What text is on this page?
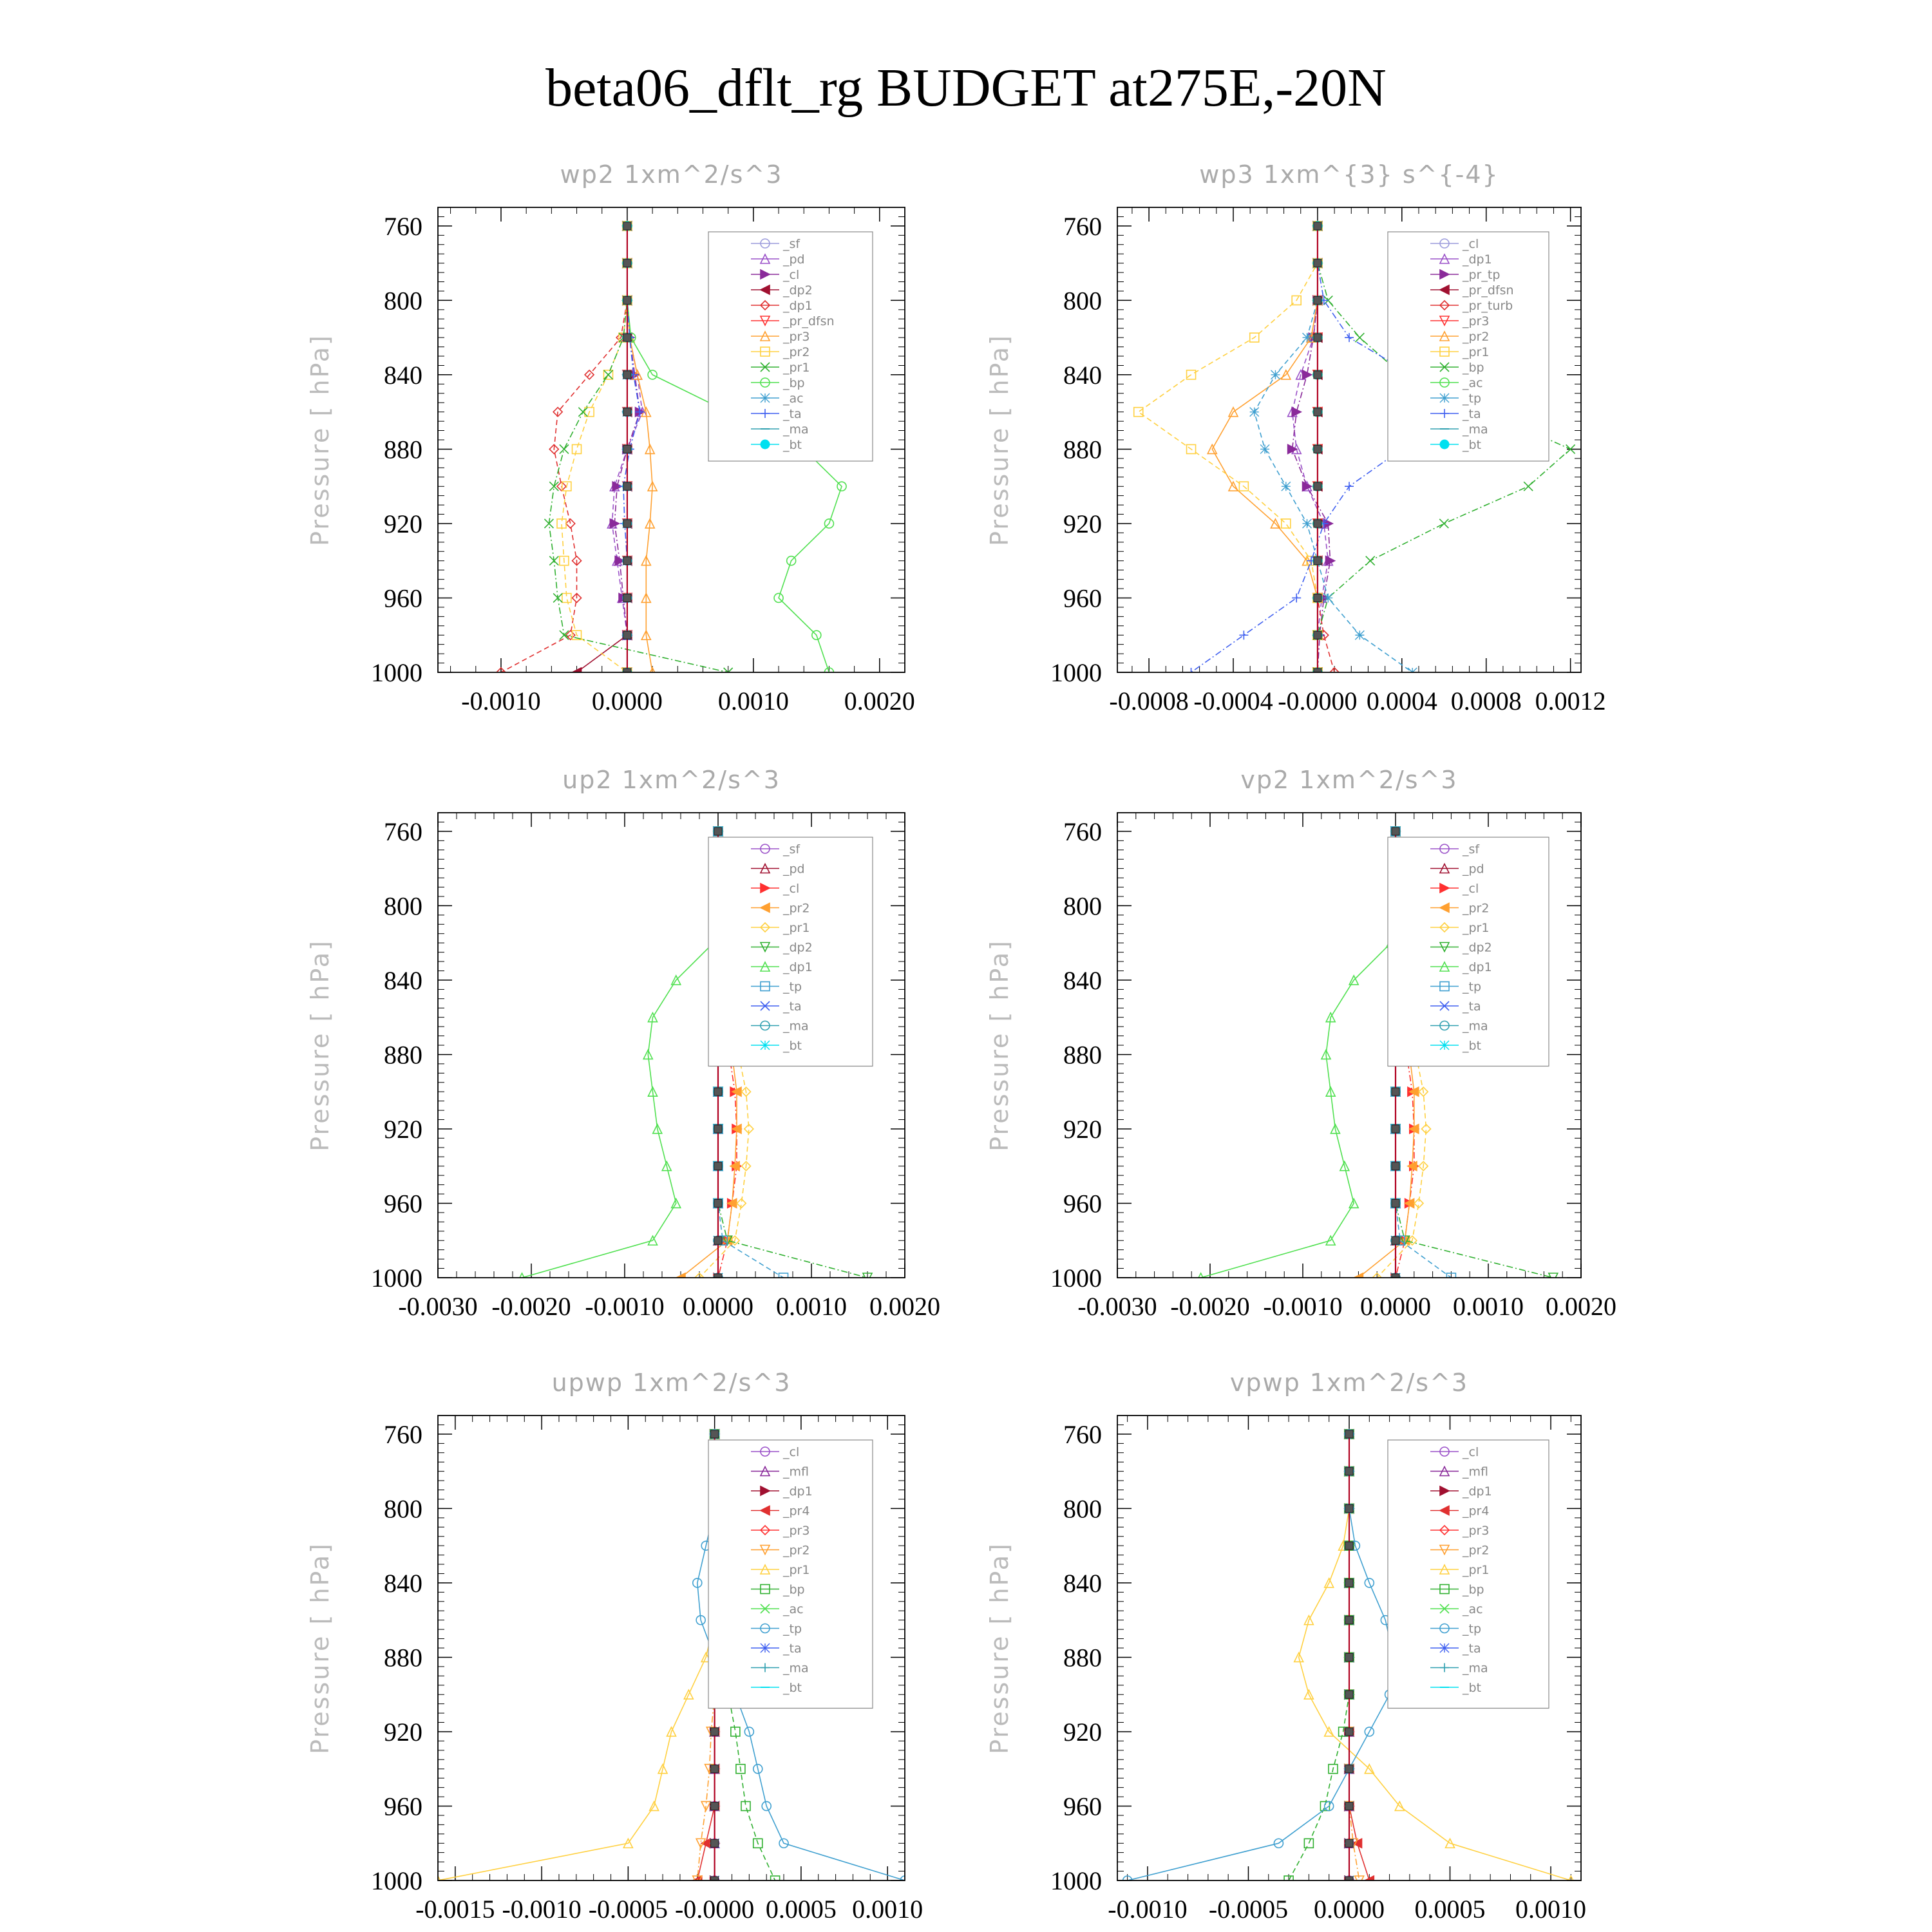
beta06_dflt_rg BUDGET at275E,-20N
wp2 1xm^2/s^3
Pressure [ hPa]
760
800
840
880
920
960
1000
-0.0010 0.0000 0.0010 0.0020
_sf
_pd
_cl
_dp2
_dp1
_pr_dfsn
_pr3
_pr2
_pr1
_bp
_ac
_ta
_ma
_bt
wp3 1xm^{3} s^{-4}
Pressure [ hPa]
760
800
840
880
920
960
1000
-0.0008 -0.0004 -0.0000 0.0004 0.0008 0.0012
_cl
_dp1
_pr_tp
_pr_dfsn
_pr_turb
_pr3
_pr2
_pr1
_bp
_ac
_tp
_ta
_ma
_bt
up2 1xm^2/s^3
Pressure [ hPa]
760
800
840
880
920
960
1000
-0.0030 -0.0020 -0.0010 0.0000 0.0010 0.0020
_sf
_pd
_cl
_pr2
_pr1
_dp2
_dp1
_tp
_ta
_ma
_bt
vp2 1xm^2/s^3
Pressure [ hPa]
760
800
840
880
920
960
1000
-0.0030 -0.0020 -0.0010 0.0000 0.0010 0.0020
_sf
_pd
_cl
_pr2
_pr1
_dp2
_dp1
_tp
_ta
_ma
_bt
upwp 1xm^2/s^3
Pressure [ hPa]
760
800
840
880
920
960
1000
-0.0015 -0.0010 -0.0005 -0.0000 0.0005 0.0010
_cl
_mfl
_dp1
_pr4
_pr3
_pr2
_pr1
_bp
_ac
_tp
_ta
_ma
_bt
vpwp 1xm^2/s^3
Pressure [ hPa]
760
800
840
880
920
960
1000
-0.0010 -0.0005 0.0000 0.0005 0.0010
_cl
_mfl
_dp1
_pr4
_pr3
_pr2
_pr1
_bp
_ac
_tp
_ta
_ma
_bt
